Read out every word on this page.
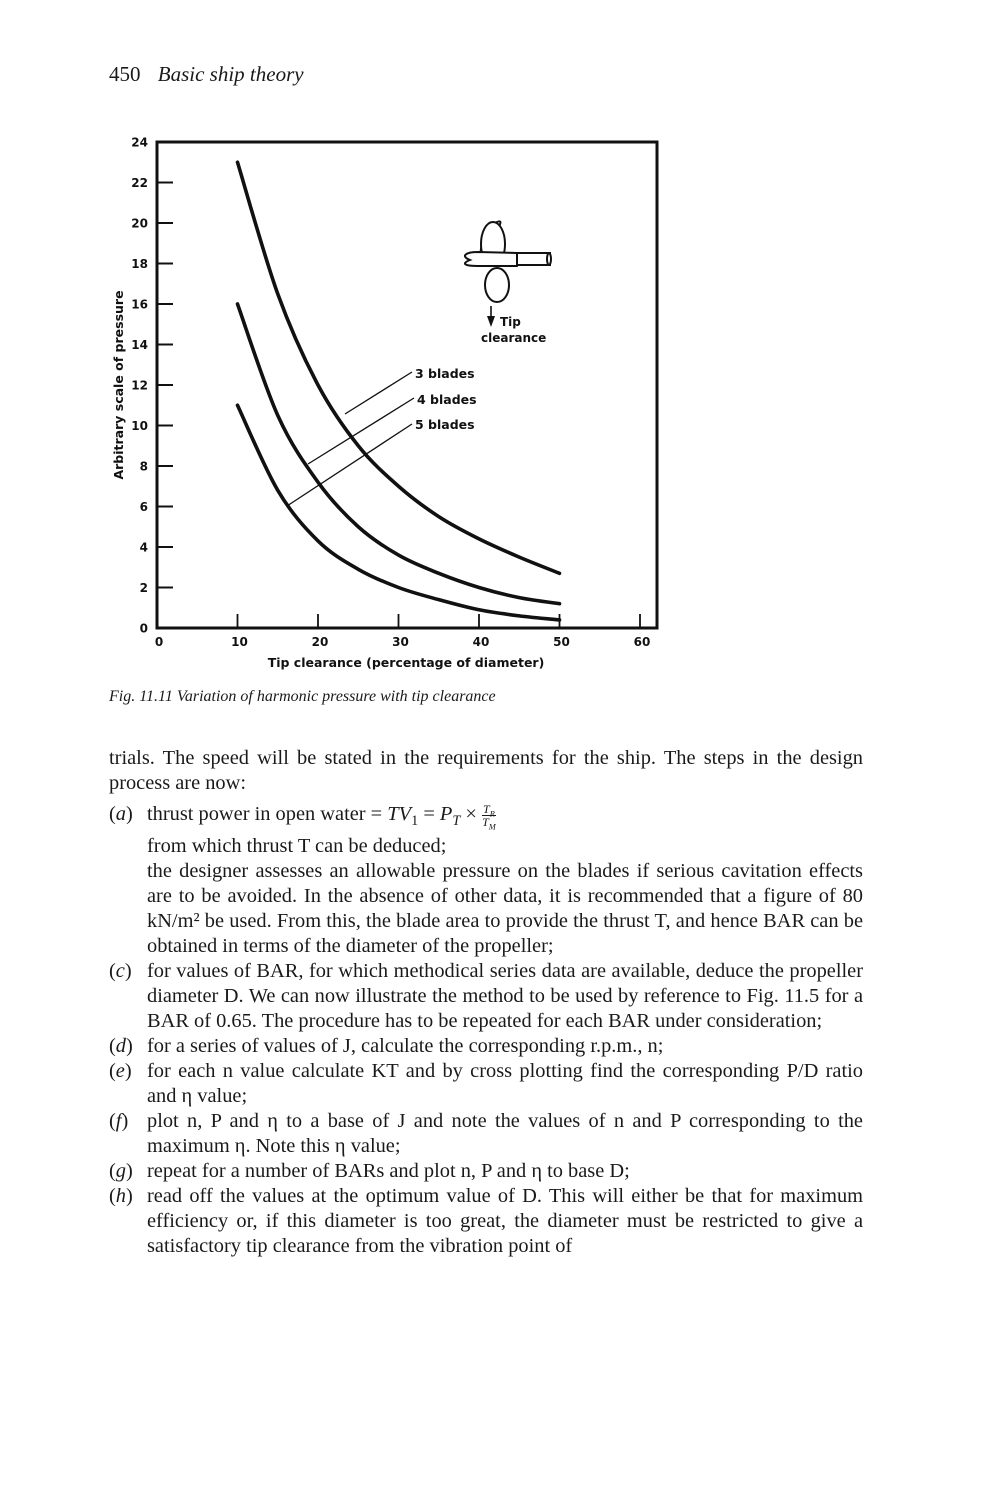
450 Basic ship theory
0
2
4
6
8
10
12
14
16
18
20
22
24
0	10	20	30	40	50	60
3 blades
4 blades
5 blades
Tip
clearance
Tip clearance (percentage of diameter)
Arbitrary scale of pressure
Fig. 11.11 Variation of harmonic pressure with tip clearance

trials. The speed will be stated in the requirements for the ship. The steps in the design process are now:

(a) thrust power in open water = $TV_1 = P_T \times \frac{T_R}{T_M}$

from which thrust T can be deduced;

the designer assesses an allowable pressure on the blades if serious cavitation effects are to be avoided. In the absence of other data, it is recommended that a figure of 80 kN/m² be used. From this, the blade area to provide the thrust T, and hence BAR can be obtained in terms of the diameter of the propeller;

(c) for values of BAR, for which methodical series data are available, deduce the propeller diameter D. We can now illustrate the method to be used by reference to Fig. 11.5 for a BAR of 0.65. The procedure has to be repeated for each BAR under consideration;
(d) for a series of values of J, calculate the corresponding r.p.m., n;
(e) for each n value calculate KT and by cross plotting find the corresponding P/D ratio and η value;
(f) plot n, P and η to a base of J and note the values of n and P corresponding to the maximum η. Note this η value;
(g) repeat for a number of BARs and plot n, P and η to base D;
(h) read off the values at the optimum value of D. This will either be that for maximum efficiency or, if this diameter is too great, the diameter must be restricted to give a satisfactory tip clearance from the vibration point of
